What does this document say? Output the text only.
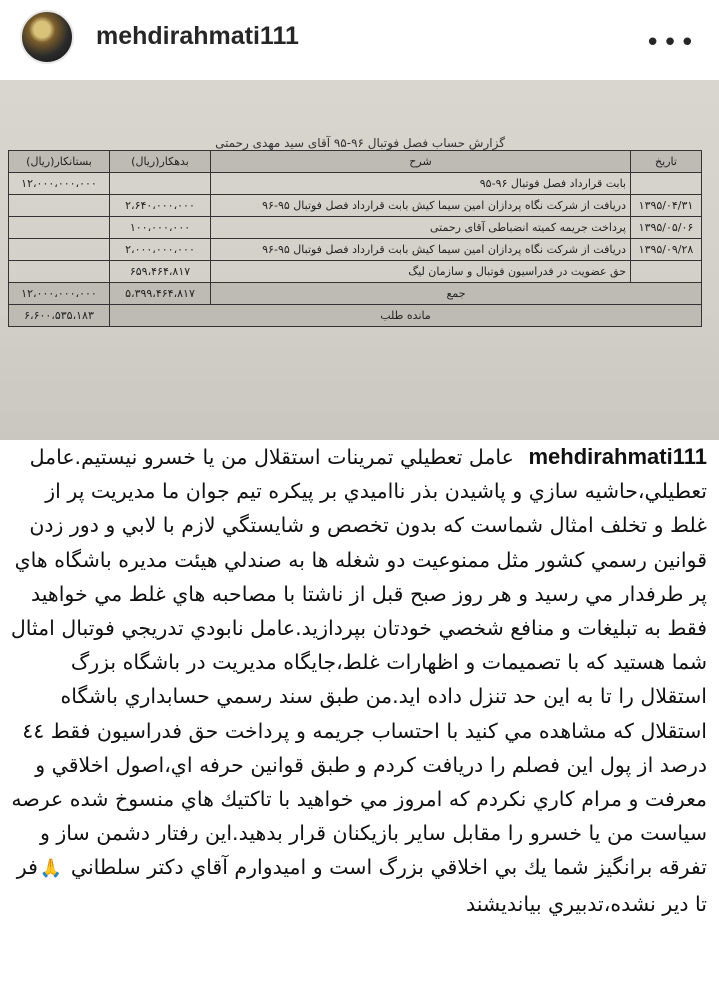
mehdirahmati111	•••
گزارش حساب فصل فوتبال ۹۶-۹۵ آقای سید مهدی رحمتی
تاریخ	شرح	بدهکار(ریال)	بستانکار(ریال)
	بابت قرارداد فصل فوتبال ۹۶-۹۵		۱۲،۰۰۰،۰۰۰،۰۰۰
۱۳۹۵/۰۴/۳۱	دریافت از شرکت نگاه پردازان امین سیما کیش بابت قرارداد فصل فوتبال ۹۵-۹۶	۲،۶۴۰،۰۰۰،۰۰۰	
۱۳۹۵/۰۵/۰۶	پرداخت جریمه کمیته انضباطی آقای رحمتی	۱۰۰،۰۰۰،۰۰۰	
۱۳۹۵/۰۹/۲۸	دریافت از شرکت نگاه پردازان امین سیما کیش بابت قرارداد فصل فوتبال ۹۵-۹۶	۲،۰۰۰،۰۰۰،۰۰۰	
	حق عضویت در فدراسیون فوتبال و سازمان لیگ	۶۵۹،۴۶۴،۸۱۷	
جمع		۵،۳۹۹،۴۶۴،۸۱۷	۱۲،۰۰۰،۰۰۰،۰۰۰
مانده طلب			۶،۶۰۰،۵۳۵،۱۸۳
mehdirahmati111 عامل تعطيلي تمرينات استقلال من يا خسرو نيستيم.عامل تعطيلي،حاشيه سازي و پاشيدن بذر نااميدي بر پيكره تيم جوان ما مديريت پر از غلط و تخلف امثال شماست كه بدون تخصص و شايستگي لازم با لابي و دور زدن قوانين رسمي كشور مثل ممنوعيت دو شغله ها به صندلي هيئت مديره باشگاه هاي پر طرفدار مي رسيد و هر روز صبح قبل از ناشتا با مصاحبه هاي غلط مي خواهيد فقط به تبليغات و منافع شخصي خودتان بپردازيد.عامل نابودي تدريجي فوتبال امثال شما هستيد كه با تصميمات و اظهارات غلط،جايگاه مديريت در باشگاه بزرگ استقلال را تا به اين حد تنزل داده ايد.من طبق سند رسمي حسابداري باشگاه استقلال كه مشاهده مي كنيد با احتساب جريمه و پرداخت حق فدراسيون فقط ٤٤ درصد از پول اين فصلم را دريافت كردم و طبق قوانين حرفه اي،اصول اخلاقي و معرفت و مرام كاري نكردم كه امروز مي خواهيد با تاكتيك هاي منسوخ شده عرصه سياست من يا خسرو را مقابل ساير بازيكنان قرار بدهيد.اين رفتار دشمن ساز و تفرقه برانگيز شما يك بي اخلاقي بزرگ است و اميدوارم آقاي دكتر سلطاني 🙏فر تا دير نشده،تدبيري بيانديشند
